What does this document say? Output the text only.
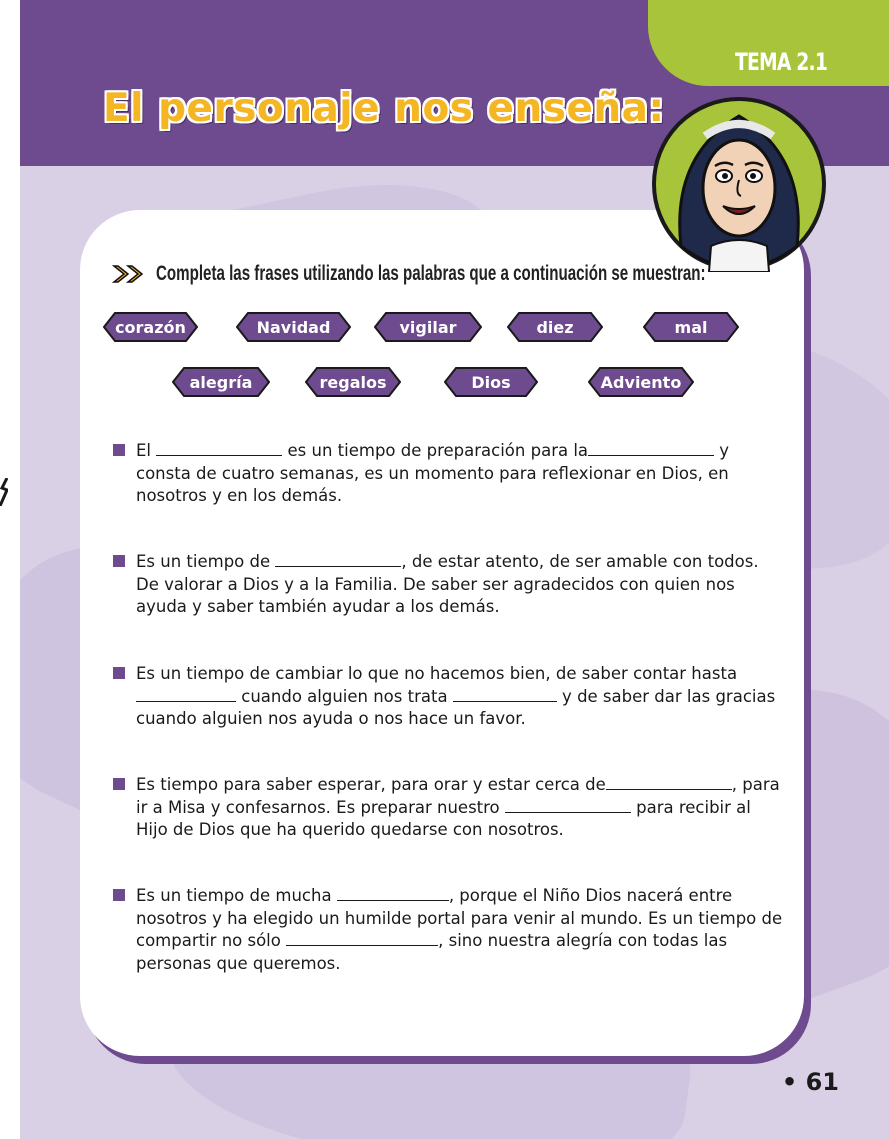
TEMA 2.1
El personaje nos enseña:
Completa las frases utilizando las palabras que a continuación se muestran:
corazón	Navidad	vigilar	diez	mal
alegría	regalos	Dios	Adviento
El	es un tiempo de preparación para la	y consta de cuatro semanas, es un momento para reflexionar en Dios, en nosotros y en los demás.
Es un tiempo de	, de estar atento, de ser amable con todos. De valorar a Dios y a la Familia. De saber ser agradecidos con quien nos ayuda y saber también ayudar a los demás.
Es un tiempo de cambiar lo que no hacemos bien, de saber contar hasta  cuando alguien nos trata	y de saber dar las gracias cuando alguien nos ayuda o nos hace un favor.
Es tiempo para saber esperar, para orar y estar cerca de	, para ir a Misa y confesarnos. Es preparar nuestro	para recibir al Hijo de Dios que ha querido quedarse con nosotros.
Es un tiempo de mucha	, porque el Niño Dios nacerá entre nosotros y ha elegido un humilde portal para venir al mundo. Es un tiempo de compartir no sólo	, sino nuestra alegría con todas las personas que queremos.
• 61
